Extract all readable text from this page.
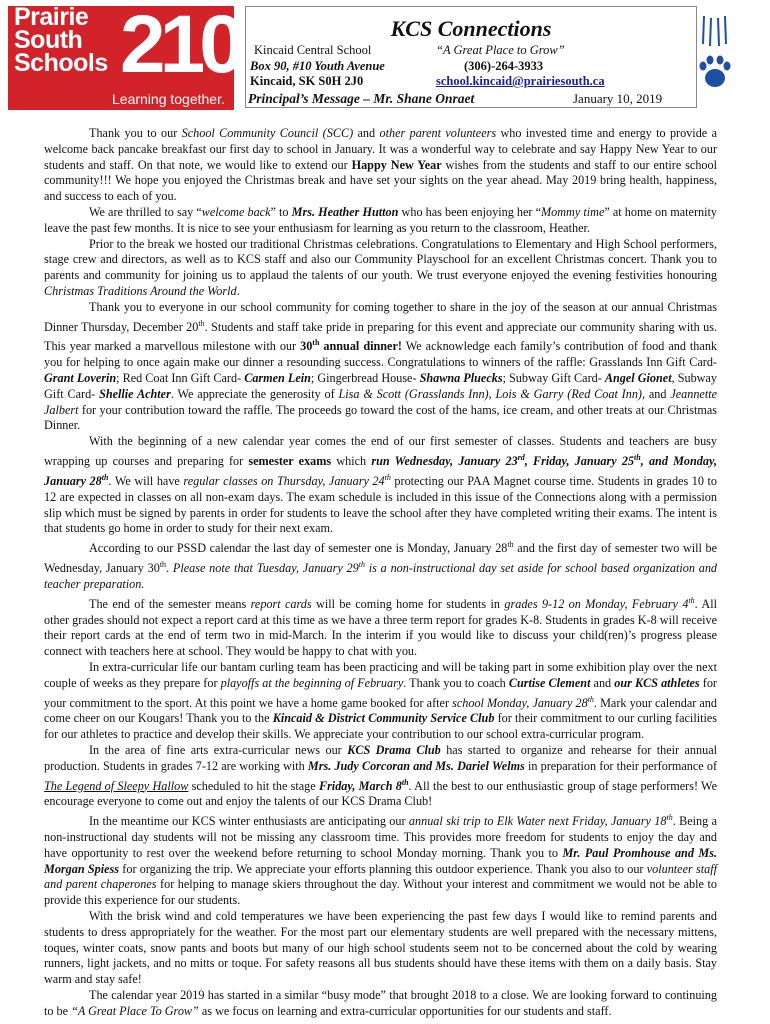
Prairie
South
Schools 210
Learning together.
KCS Connections
Kincaid Central School	“A Great Place to Grow”
Box 90, #10 Youth Avenue	(306)-264-3933
Kincaid, SK S0H 2J0	school.kincaid@prairiesouth.ca
Principal’s Message – Mr. Shane Onraet	January 10, 2019

Thank you to our School Community Council (SCC) and other parent volunteers who invested time and energy to provide a welcome back pancake breakfast our first day to school in January. It was a wonderful way to celebrate and say Happy New Year to our students and staff. On that note, we would like to extend our Happy New Year wishes from the students and staff to our entire school community!!! We hope you enjoyed the Christmas break and have set your sights on the year ahead. May 2019 bring health, happiness, and success to each of you.

We are thrilled to say “welcome back” to Mrs. Heather Hutton who has been enjoying her “Mommy time” at home on maternity leave the past few months. It is nice to see your enthusiasm for learning as you return to the classroom, Heather.

Prior to the break we hosted our traditional Christmas celebrations. Congratulations to Elementary and High School performers, stage crew and directors, as well as to KCS staff and also our Community Playschool for an excellent Christmas concert. Thank you to parents and community for joining us to applaud the talents of our youth. We trust everyone enjoyed the evening festivities honouring Christmas Traditions Around the World.

Thank you to everyone in our school community for coming together to share in the joy of the season at our annual Christmas Dinner Thursday, December 20th. Students and staff take pride in preparing for this event and appreciate our community sharing with us. This year marked a marvellous milestone with our 30th annual dinner! We acknowledge each family’s contribution of food and thank you for helping to once again make our dinner a resounding success. Congratulations to winners of the raffle: Grasslands Inn Gift Card- Grant Loverin; Red Coat Inn Gift Card- Carmen Lein; Gingerbread House- Shawna Pluecks; Subway Gift Card- Angel Gionet, Subway Gift Card- Shellie Achter. We appreciate the generosity of Lisa & Scott (Grasslands Inn), Lois & Garry (Red Coat Inn), and Jeannette Jalbert for your contribution toward the raffle. The proceeds go toward the cost of the hams, ice cream, and other treats at our Christmas Dinner.

With the beginning of a new calendar year comes the end of our first semester of classes. Students and teachers are busy wrapping up courses and preparing for semester exams which run Wednesday, January 23rd, Friday, January 25th, and Monday, January 28th. We will have regular classes on Thursday, January 24th protecting our PAA Magnet course time. Students in grades 10 to 12 are expected in classes on all non-exam days. The exam schedule is included in this issue of the Connections along with a permission slip which must be signed by parents in order for students to leave the school after they have completed writing their exams. The intent is that students go home in order to study for their next exam.

According to our PSSD calendar the last day of semester one is Monday, January 28th and the first day of semester two will be Wednesday, January 30th. Please note that Tuesday, January 29th is a non-instructional day set aside for school based organization and teacher preparation.

The end of the semester means report cards will be coming home for students in grades 9-12 on Monday, February 4th. All other grades should not expect a report card at this time as we have a three term report for grades K-8. Students in grades K-8 will receive their report cards at the end of term two in mid-March. In the interim if you would like to discuss your child(ren)’s progress please connect with teachers here at school. They would be happy to chat with you.

In extra-curricular life our bantam curling team has been practicing and will be taking part in some exhibition play over the next couple of weeks as they prepare for playoffs at the beginning of February. Thank you to coach Curtise Clement and our KCS athletes for your commitment to the sport. At this point we have a home game booked for after school Monday, January 28th. Mark your calendar and come cheer on our Kougars! Thank you to the Kincaid & District Community Service Club for their commitment to our curling facilities for our athletes to practice and develop their skills. We appreciate your contribution to our school extra-curricular program.

In the area of fine arts extra-curricular news our KCS Drama Club has started to organize and rehearse for their annual production. Students in grades 7-12 are working with Mrs. Judy Corcoran and Ms. Dariel Welms in preparation for their performance of The Legend of Sleepy Hallow scheduled to hit the stage Friday, March 8th. All the best to our enthusiastic group of stage performers! We encourage everyone to come out and enjoy the talents of our KCS Drama Club!

In the meantime our KCS winter enthusiasts are anticipating our annual ski trip to Elk Water next Friday, January 18th. Being a non-instructional day students will not be missing any classroom time. This provides more freedom for students to enjoy the day and have opportunity to rest over the weekend before returning to school Monday morning. Thank you to Mr. Paul Promhouse and Ms. Morgan Spiess for organizing the trip. We appreciate your efforts planning this outdoor experience. Thank you also to our volunteer staff and parent chaperones for helping to manage skiers throughout the day. Without your interest and commitment we would not be able to provide this experience for our students.

With the brisk wind and cold temperatures we have been experiencing the past few days I would like to remind parents and students to dress appropriately for the weather. For the most part our elementary students are well prepared with the necessary mittens, toques, winter coats, snow pants and boots but many of our high school students seem not to be concerned about the cold by wearing runners, light jackets, and no mitts or toque. For safety reasons all bus students should have these items with them on a daily basis. Stay warm and stay safe!

The calendar year 2019 has started in a similar “busy mode” that brought 2018 to a close. We are looking forward to continuing to be “A Great Place To Grow” as we focus on learning and extra-curricular opportunities for our students and staff.
